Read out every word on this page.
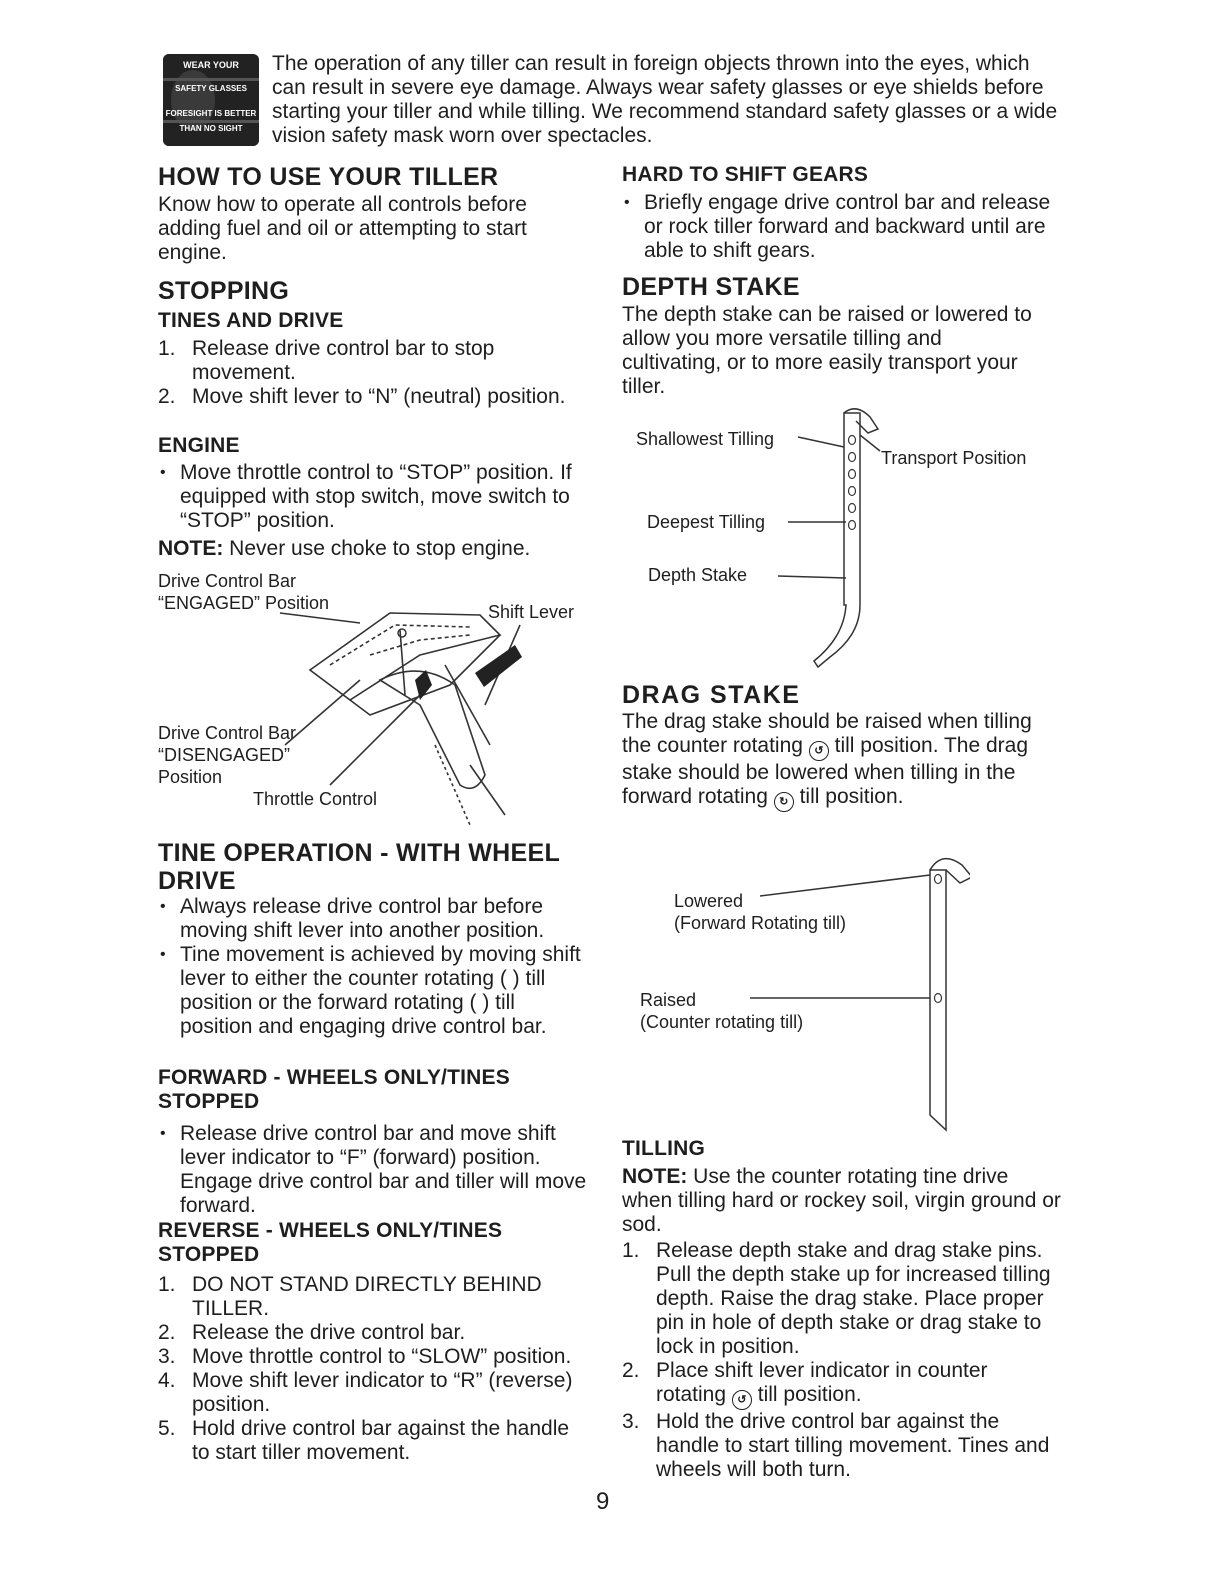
WEAR YOUR
SAFETY GLASSES
FORESIGHT IS BETTER
THAN NO SIGHT

The operation of any tiller can result in foreign objects thrown into the eyes, which can result in severe eye damage. Always wear safety glasses or eye shields before starting your tiller and while tilling. We recommend standard safety glasses or a wide vision safety mask worn over spectacles.

HOW TO USE YOUR TILLER

Know how to operate all controls before adding fuel and oil or attempting to start engine.

STOPPING
TINES AND DRIVE
1. Release drive control bar to stop movement.
2. Move shift lever to “N” (neutral) position.
ENGINE
• Move throttle control to “STOP” position. If equipped with stop switch, move switch to “STOP” position.

NOTE: Never use choke to stop engine.

Drive Control Bar
“ENGAGED” Position	Shift Lever
Drive Control Bar
“DISENGAGED”
Position
Throttle Control
TINE OPERATION - WITH WHEEL DRIVE
• Always release drive control bar before moving shift lever into another position.
• Tine movement is achieved by moving shift lever to either the counter rotating ( ) till position or the forward rotating ( ) till position and engaging drive control bar.
FORWARD - WHEELS ONLY/TINES STOPPED
• Release drive control bar and move shift lever indicator to “F” (forward) position. Engage drive control bar and tiller will move forward.
REVERSE - WHEELS ONLY/TINES STOPPED
1. DO NOT STAND DIRECTLY BEHIND TILLER.
2. Release the drive control bar.
3. Move throttle control to “SLOW” position.
4. Move shift lever indicator to “R” (reverse) position.
5. Hold drive control bar against the handle to start tiller movement.
HARD TO SHIFT GEARS
• Briefly engage drive control bar and release or rock tiller forward and backward until are able to shift gears.
DEPTH STAKE

The depth stake can be raised or lowered to allow you more versatile tilling and cultivating, or to more easily transport your tiller.

Shallowest Tilling
Transport Position
Deepest Tilling
Depth Stake
DRAG STAKE

The drag stake should be raised when tilling the counter rotating ↺ till position. The drag stake should be lowered when tilling in the forward rotating ↻ till position.

Lowered
(Forward Rotating till)
Raised
(Counter rotating till)
TILLING

NOTE: Use the counter rotating tine drive when tilling hard or rockey soil, virgin ground or sod.

1. Release depth stake and drag stake pins. Pull the depth stake up for increased tilling depth. Raise the drag stake. Place proper pin in hole of depth stake or drag stake to lock in position.
2. Place shift lever indicator in counter rotating ↺ till position.
3. Hold the drive control bar against the handle to start tilling movement. Tines and wheels will both turn.
9
